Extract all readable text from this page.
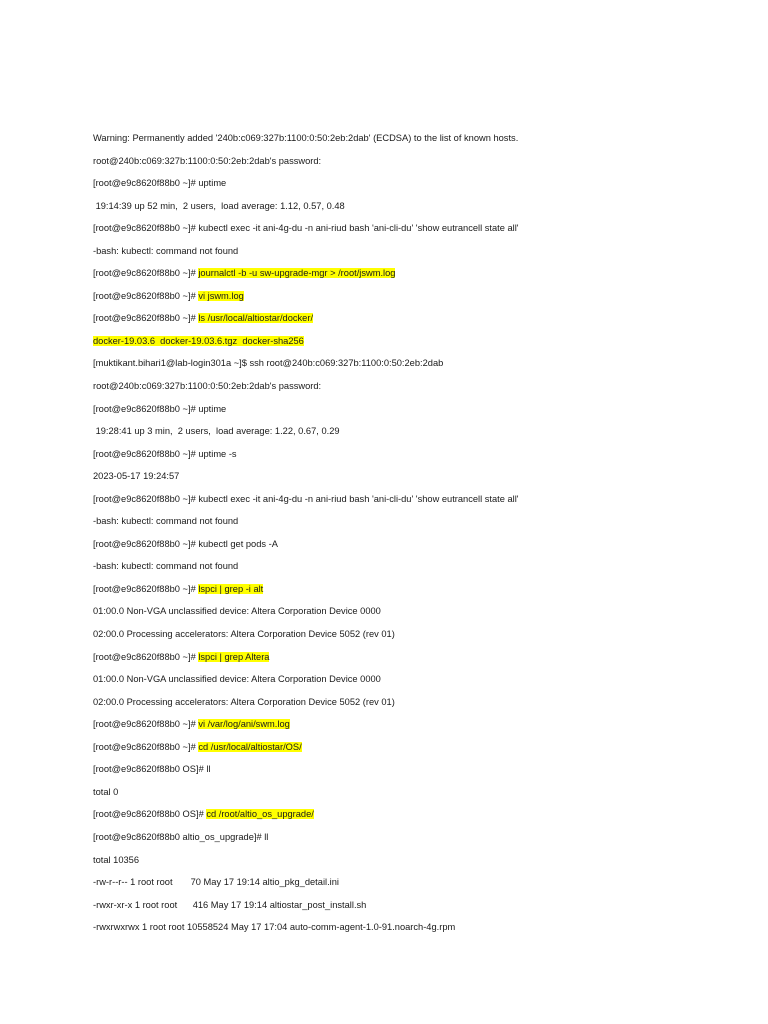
Warning: Permanently added '240b:c069:327b:1100:0:50:2eb:2dab' (ECDSA) to the list of known hosts.
root@240b:c069:327b:1100:0:50:2eb:2dab's password:
[root@e9c8620f88b0 ~]# uptime
19:14:39 up 52 min,  2 users,  load average: 1.12, 0.57, 0.48
[root@e9c8620f88b0 ~]# kubectl exec -it ani-4g-du -n ani-riud bash 'ani-cli-du' 'show eutrancell state all'
-bash: kubectl: command not found
[root@e9c8620f88b0 ~]# journalctl -b -u sw-upgrade-mgr > /root/jswm.log
[root@e9c8620f88b0 ~]# vi jswm.log
[root@e9c8620f88b0 ~]# ls /usr/local/altiostar/docker/
docker-19.03.6  docker-19.03.6.tgz  docker-sha256
[muktikant.bihari1@lab-login301a ~]$ ssh root@240b:c069:327b:1100:0:50:2eb:2dab
root@240b:c069:327b:1100:0:50:2eb:2dab's password:
[root@e9c8620f88b0 ~]# uptime
19:28:41 up 3 min,  2 users,  load average: 1.22, 0.67, 0.29
[root@e9c8620f88b0 ~]# uptime -s
2023-05-17 19:24:57
[root@e9c8620f88b0 ~]# kubectl exec -it ani-4g-du -n ani-riud bash 'ani-cli-du' 'show eutrancell state all'
-bash: kubectl: command not found
[root@e9c8620f88b0 ~]# kubectl get pods -A
-bash: kubectl: command not found
[root@e9c8620f88b0 ~]# lspci | grep -i alt
01:00.0 Non-VGA unclassified device: Altera Corporation Device 0000
02:00.0 Processing accelerators: Altera Corporation Device 5052 (rev 01)
[root@e9c8620f88b0 ~]# lspci | grep Altera
01:00.0 Non-VGA unclassified device: Altera Corporation Device 0000
02:00.0 Processing accelerators: Altera Corporation Device 5052 (rev 01)
[root@e9c8620f88b0 ~]# vi /var/log/ani/swm.log
[root@e9c8620f88b0 ~]# cd /usr/local/altiostar/OS/
[root@e9c8620f88b0 OS]# ll
total 0
[root@e9c8620f88b0 OS]# cd /root/altio_os_upgrade/
[root@e9c8620f88b0 altio_os_upgrade]# ll
total 10356
-rw-r--r-- 1 root root       70 May 17 19:14 altio_pkg_detail.ini
-rwxr-xr-x 1 root root      416 May 17 19:14 altiostar_post_install.sh
-rwxrwxrwx 1 root root 10558524 May 17 17:04 auto-comm-agent-1.0-91.noarch-4g.rpm
